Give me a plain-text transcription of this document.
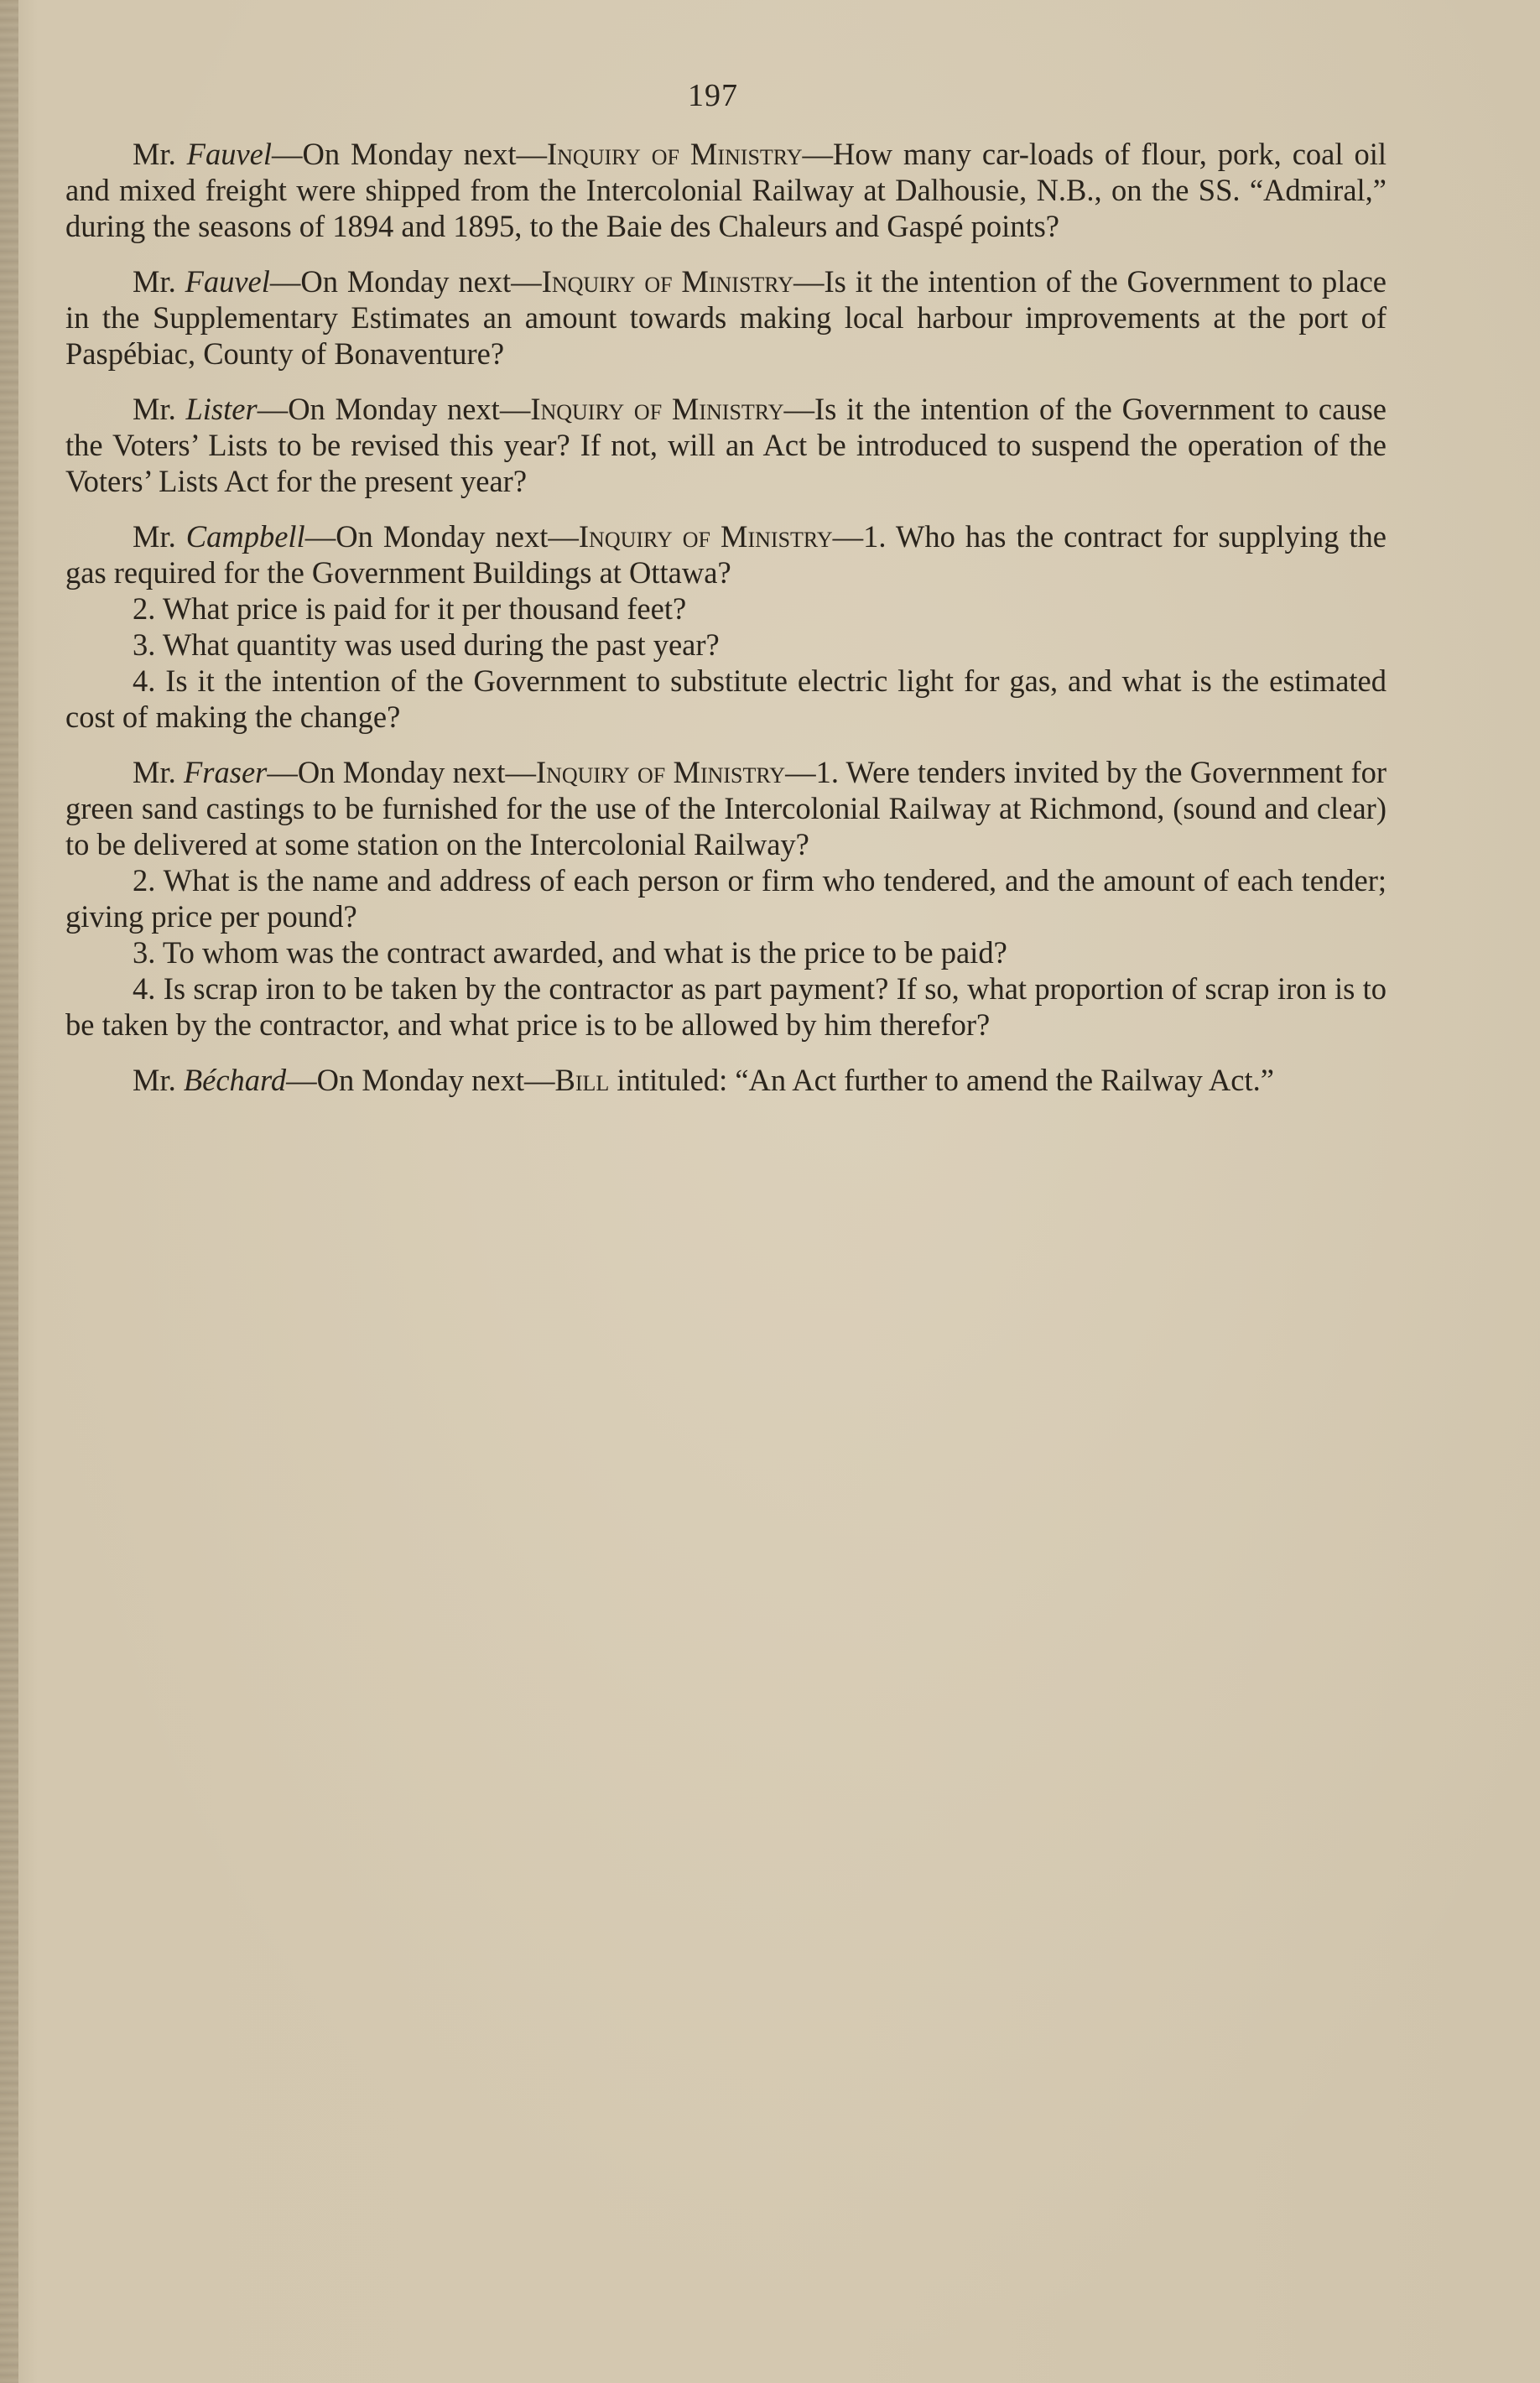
197

Mr. Fauvel—On Monday next—Inquiry of Ministry—How many car-loads of flour, pork, coal oil and mixed freight were shipped from the Intercolonial Railway at Dalhousie, N.B., on the SS. “Admiral,” during the seasons of 1894 and 1895, to the Baie des Chaleurs and Gaspé points?

Mr. Fauvel—On Monday next—Inquiry of Ministry—Is it the intention of the Government to place in the Supplementary Estimates an amount towards making local harbour improvements at the port of Paspébiac, County of Bonaventure?

Mr. Lister—On Monday next—Inquiry of Ministry—Is it the intention of the Government to cause the Voters’ Lists to be revised this year? If not, will an Act be introduced to suspend the operation of the Voters’ Lists Act for the present year?

Mr. Campbell—On Monday next—Inquiry of Ministry—1. Who has the contract for supplying the gas required for the Government Buildings at Ottawa?

2. What price is paid for it per thousand feet?

3. What quantity was used during the past year?

4. Is it the intention of the Government to substitute electric light for gas, and what is the estimated cost of making the change?

Mr. Fraser—On Monday next—Inquiry of Ministry—1. Were tenders invited by the Government for green sand castings to be furnished for the use of the Intercolonial Railway at Richmond, (sound and clear) to be delivered at some station on the Intercolonial Railway?

2. What is the name and address of each person or firm who tendered, and the amount of each tender; giving price per pound?

3. To whom was the contract awarded, and what is the price to be paid?

4. Is scrap iron to be taken by the contractor as part payment? If so, what proportion of scrap iron is to be taken by the contractor, and what price is to be allowed by him therefor?

Mr. Béchard—On Monday next—Bill intituled: “An Act further to amend the Railway Act.”
